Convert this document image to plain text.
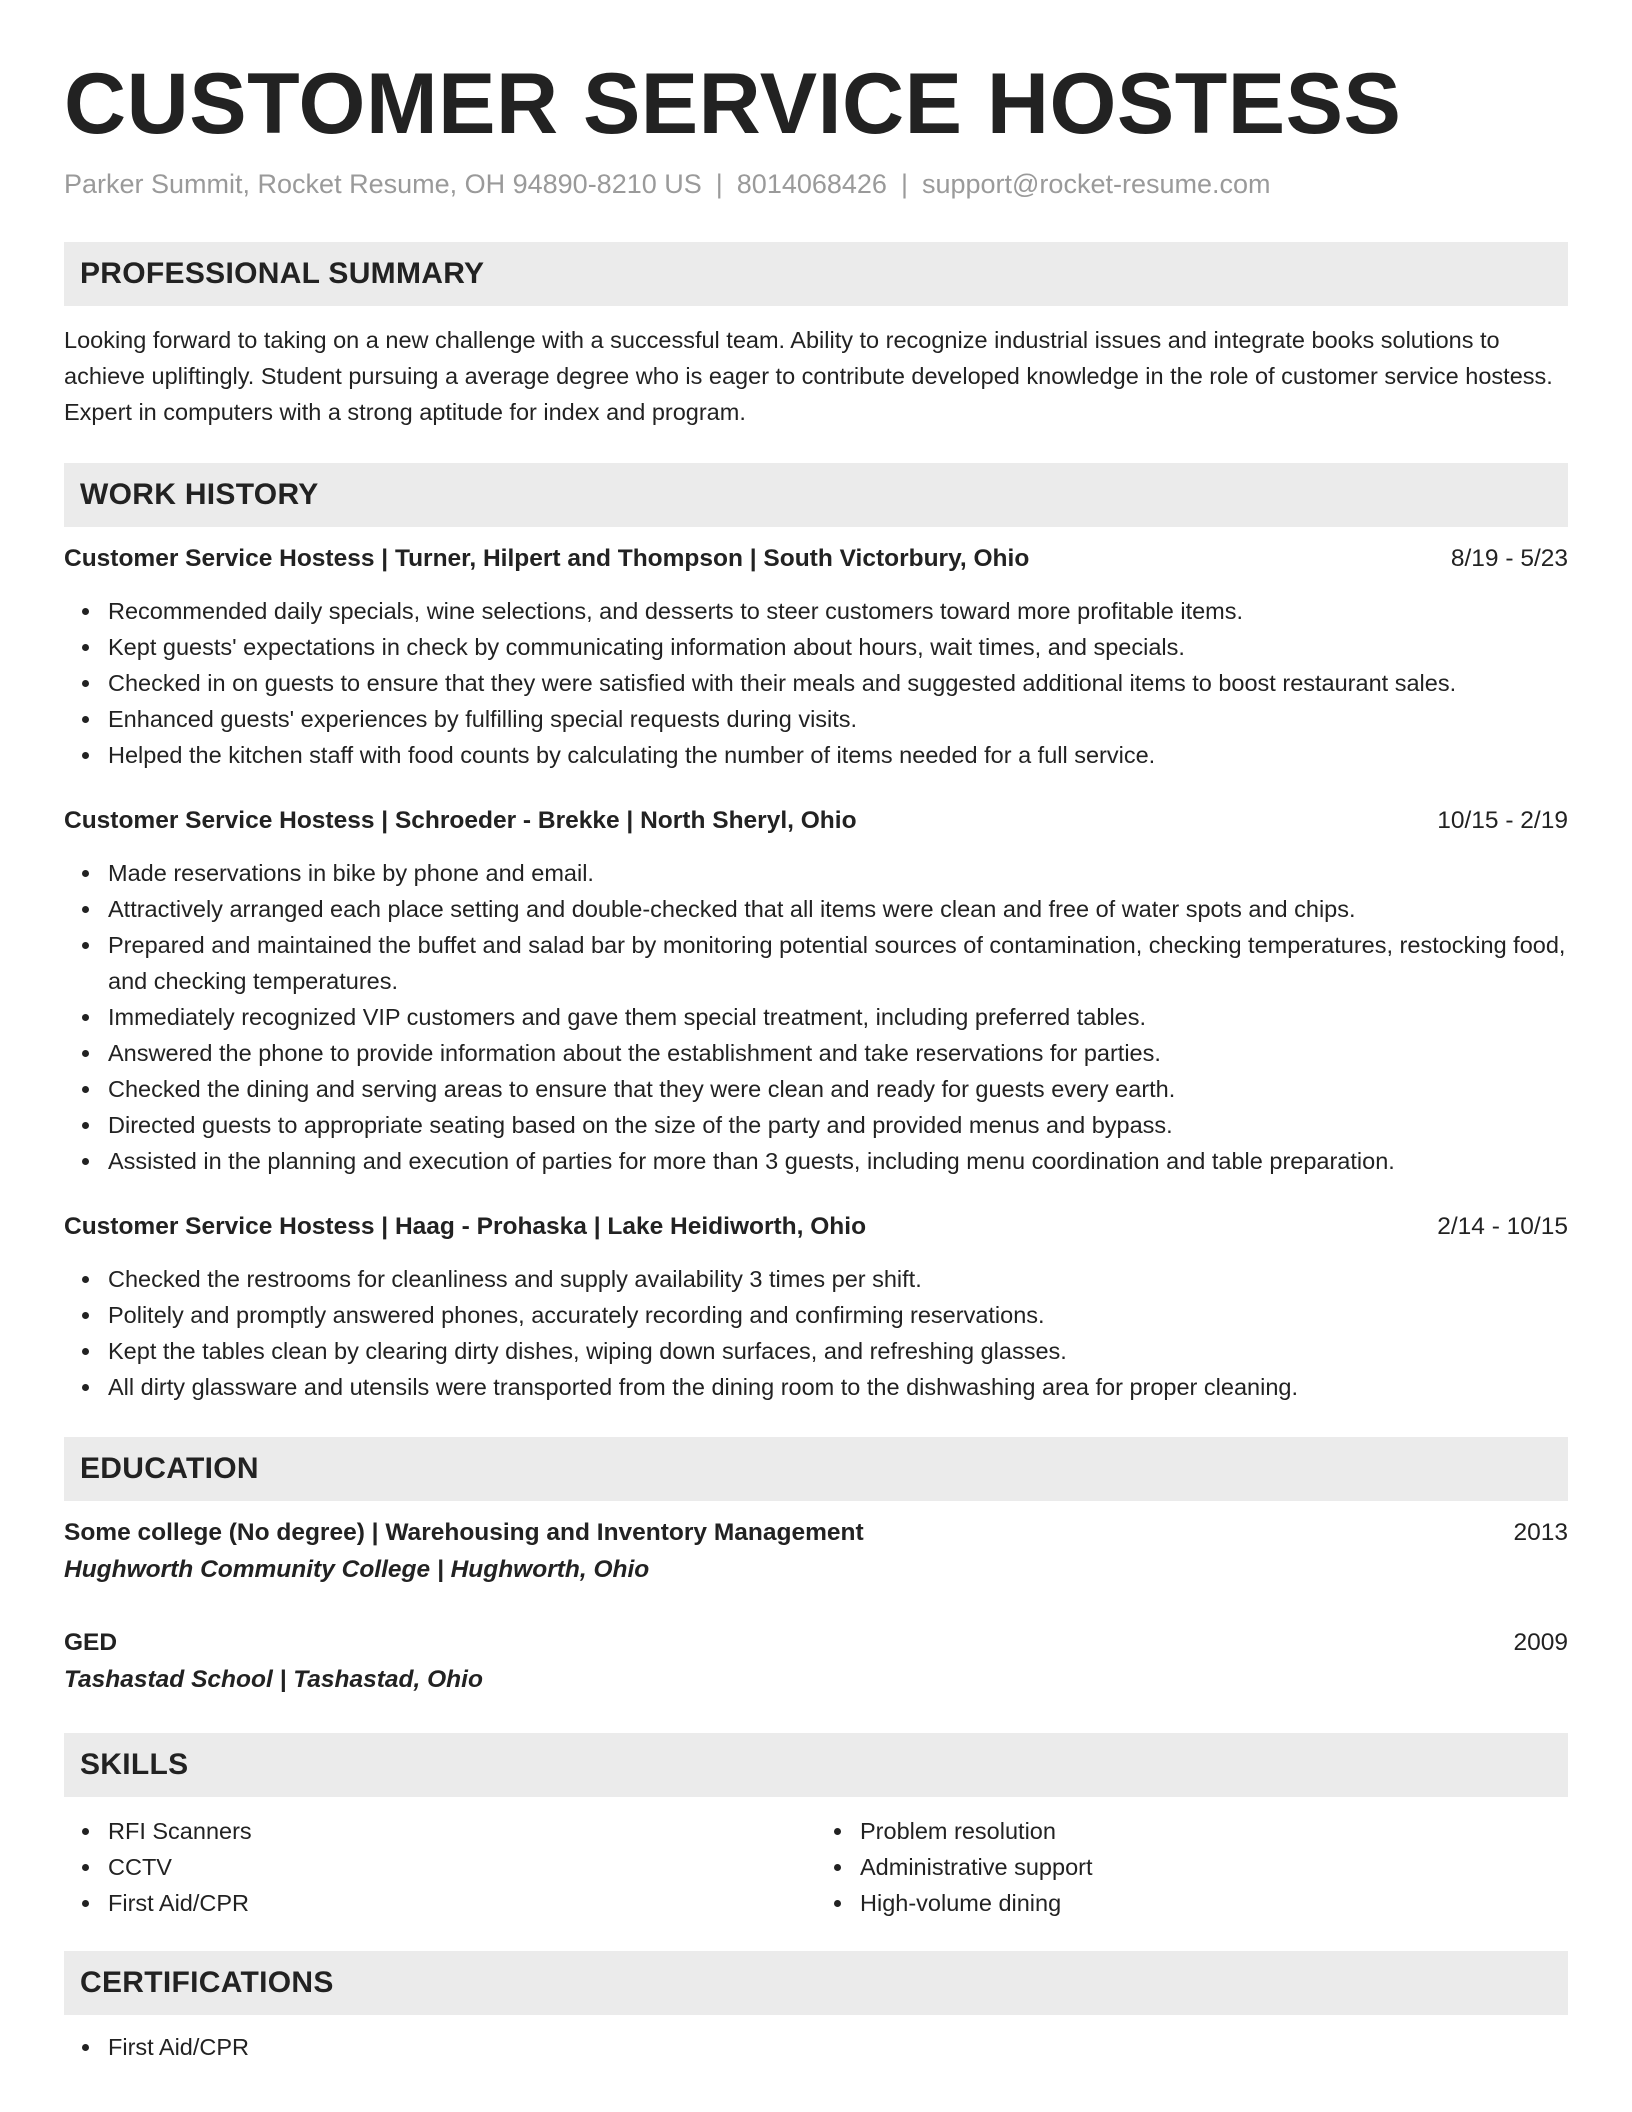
CUSTOMER SERVICE HOSTESS
Parker Summit, Rocket Resume, OH 94890-8210 US | 8014068426 | support@rocket-resume.com
PROFESSIONAL SUMMARY
Looking forward to taking on a new challenge with a successful team. Ability to recognize industrial issues and integrate books solutions to achieve upliftingly. Student pursuing a average degree who is eager to contribute developed knowledge in the role of customer service hostess. Expert in computers with a strong aptitude for index and program.
WORK HISTORY
Customer Service Hostess | Turner, Hilpert and Thompson | South Victorbury, Ohio	8/19 - 5/23
Recommended daily specials, wine selections, and desserts to steer customers toward more profitable items.
Kept guests' expectations in check by communicating information about hours, wait times, and specials.
Checked in on guests to ensure that they were satisfied with their meals and suggested additional items to boost restaurant sales.
Enhanced guests' experiences by fulfilling special requests during visits.
Helped the kitchen staff with food counts by calculating the number of items needed for a full service.
Customer Service Hostess | Schroeder - Brekke | North Sheryl, Ohio	10/15 - 2/19
Made reservations in bike by phone and email.
Attractively arranged each place setting and double-checked that all items were clean and free of water spots and chips.
Prepared and maintained the buffet and salad bar by monitoring potential sources of contamination, checking temperatures, restocking food, and checking temperatures.
Immediately recognized VIP customers and gave them special treatment, including preferred tables.
Answered the phone to provide information about the establishment and take reservations for parties.
Checked the dining and serving areas to ensure that they were clean and ready for guests every earth.
Directed guests to appropriate seating based on the size of the party and provided menus and bypass.
Assisted in the planning and execution of parties for more than 3 guests, including menu coordination and table preparation.
Customer Service Hostess | Haag - Prohaska | Lake Heidiworth, Ohio	2/14 - 10/15
Checked the restrooms for cleanliness and supply availability 3 times per shift.
Politely and promptly answered phones, accurately recording and confirming reservations.
Kept the tables clean by clearing dirty dishes, wiping down surfaces, and refreshing glasses.
All dirty glassware and utensils were transported from the dining room to the dishwashing area for proper cleaning.
EDUCATION
Some college (No degree) | Warehousing and Inventory Management	2013
Hughworth Community College | Hughworth, Ohio
GED	2009
Tashastad School | Tashastad, Ohio
SKILLS
RFI Scanners
CCTV
First Aid/CPR
Problem resolution
Administrative support
High-volume dining
CERTIFICATIONS
First Aid/CPR
